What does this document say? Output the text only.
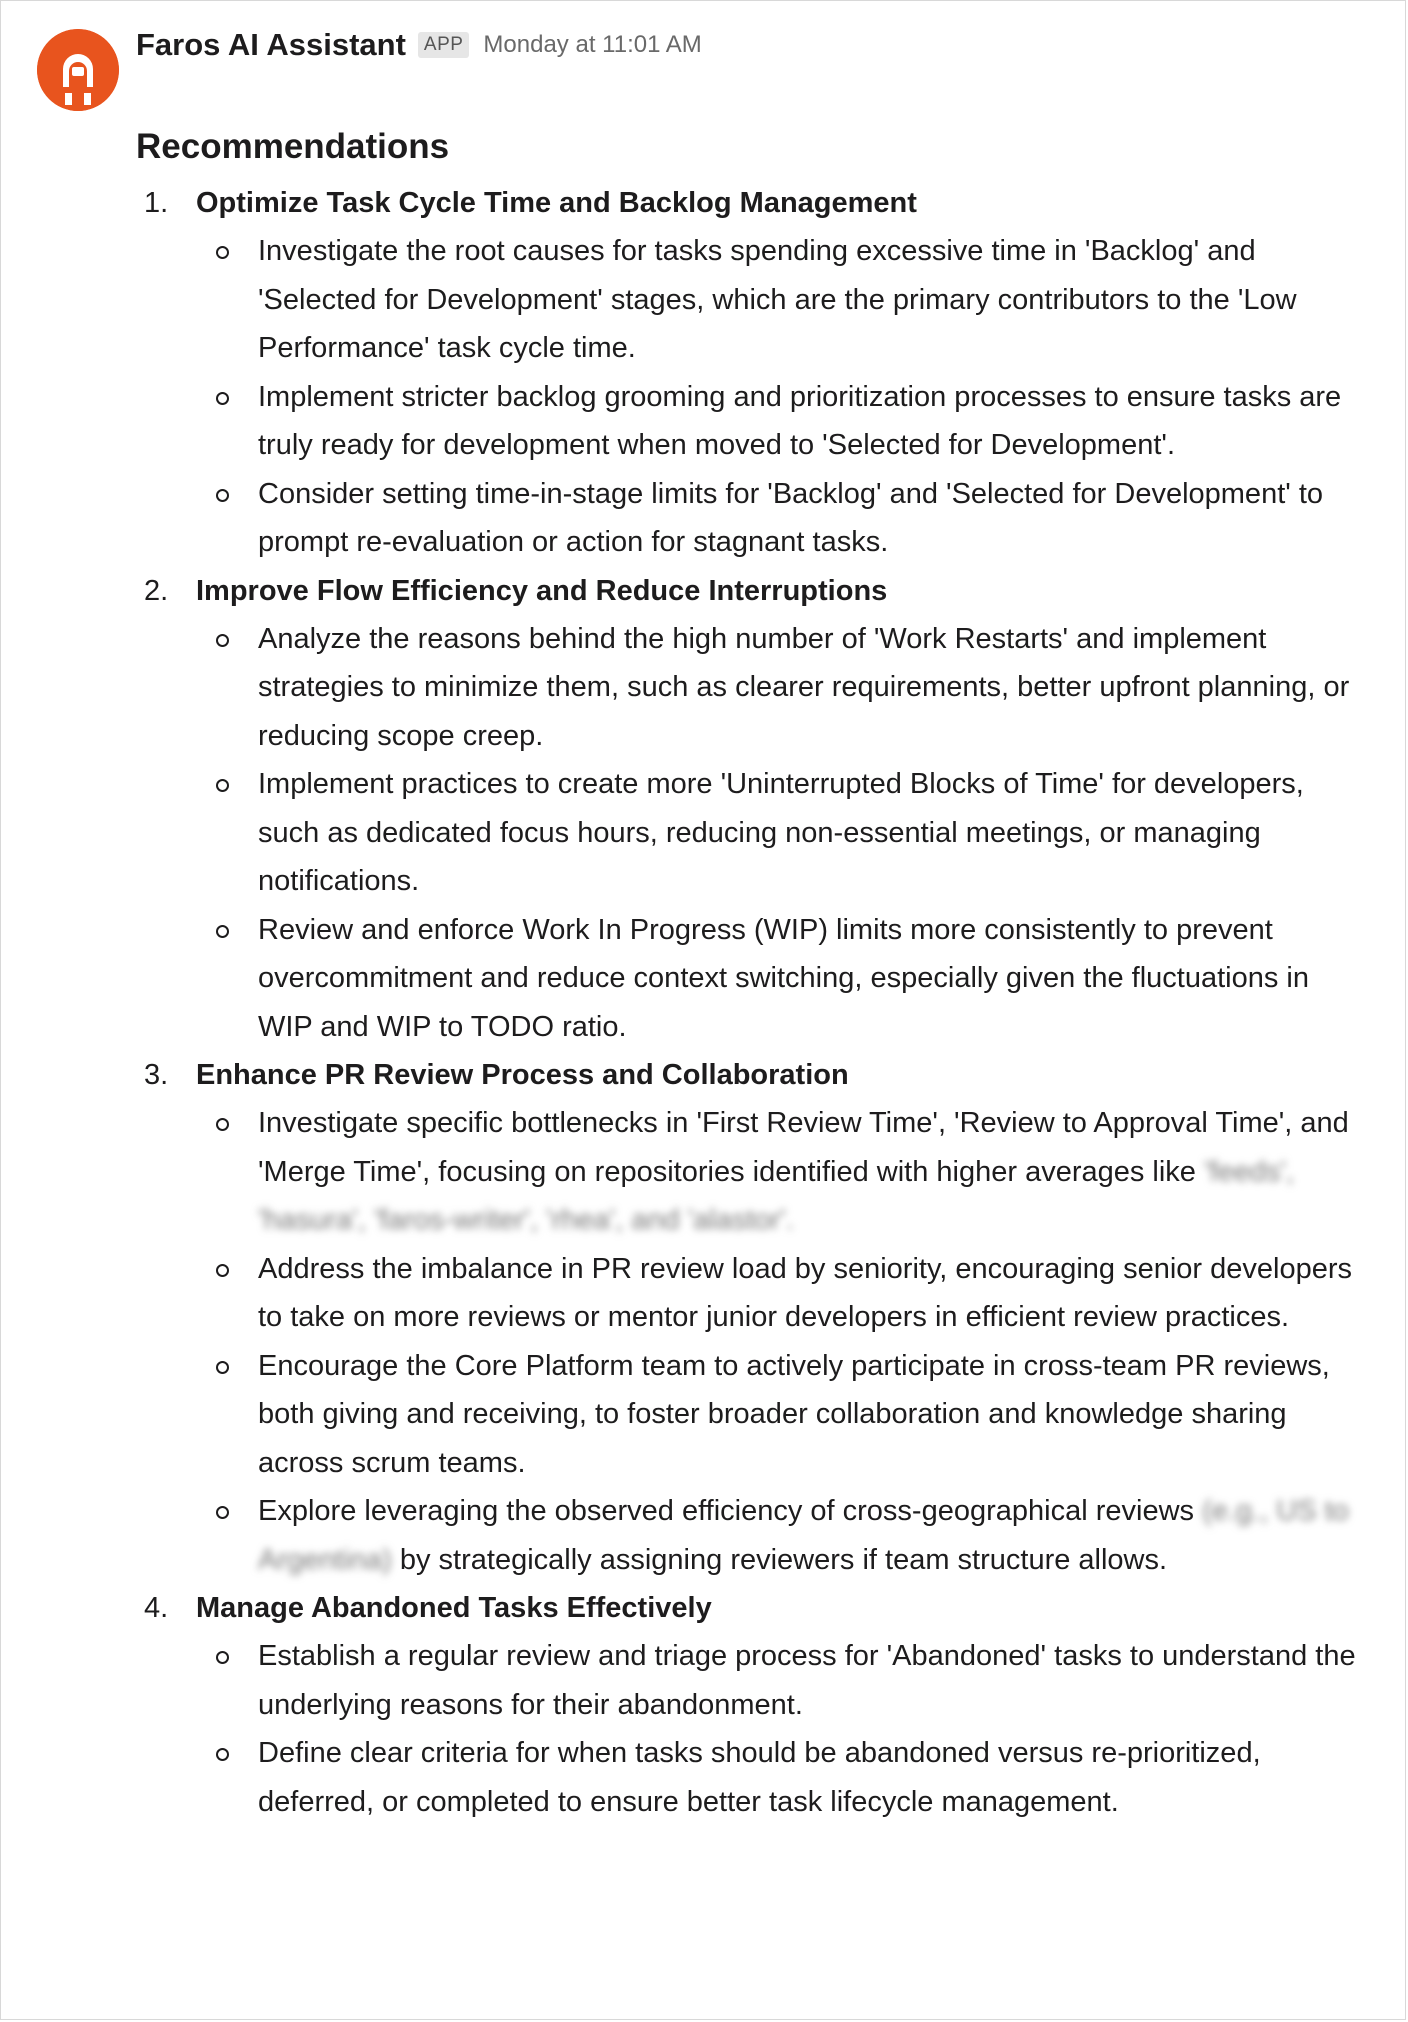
Faros AI Assistant APP Monday at 11:01 AM
Recommendations
1. Optimize Task Cycle Time and Backlog Management
Investigate the root causes for tasks spending excessive time in 'Backlog' and 'Selected for Development' stages, which are the primary contributors to the 'Low Performance' task cycle time.
Implement stricter backlog grooming and prioritization processes to ensure tasks are truly ready for development when moved to 'Selected for Development'.
Consider setting time-in-stage limits for 'Backlog' and 'Selected for Development' to prompt re-evaluation or action for stagnant tasks.
2. Improve Flow Efficiency and Reduce Interruptions
Analyze the reasons behind the high number of 'Work Restarts' and implement strategies to minimize them, such as clearer requirements, better upfront planning, or reducing scope creep.
Implement practices to create more 'Uninterrupted Blocks of Time' for developers, such as dedicated focus hours, reducing non-essential meetings, or managing notifications.
Review and enforce Work In Progress (WIP) limits more consistently to prevent overcommitment and reduce context switching, especially given the fluctuations in WIP and WIP to TODO ratio.
3. Enhance PR Review Process and Collaboration
Investigate specific bottlenecks in 'First Review Time', 'Review to Approval Time', and 'Merge Time', focusing on repositories identified with higher averages like 'feeds', 'hasura', 'faros-writer', 'rhea', and 'alastor'.
Address the imbalance in PR review load by seniority, encouraging senior developers to take on more reviews or mentor junior developers in efficient review practices.
Encourage the Core Platform team to actively participate in cross-team PR reviews, both giving and receiving, to foster broader collaboration and knowledge sharing across scrum teams.
Explore leveraging the observed efficiency of cross-geographical reviews (e.g., US to Argentina) by strategically assigning reviewers if team structure allows.
4. Manage Abandoned Tasks Effectively
Establish a regular review and triage process for 'Abandoned' tasks to understand the underlying reasons for their abandonment.
Define clear criteria for when tasks should be abandoned versus re-prioritized, deferred, or completed to ensure better task lifecycle management.
